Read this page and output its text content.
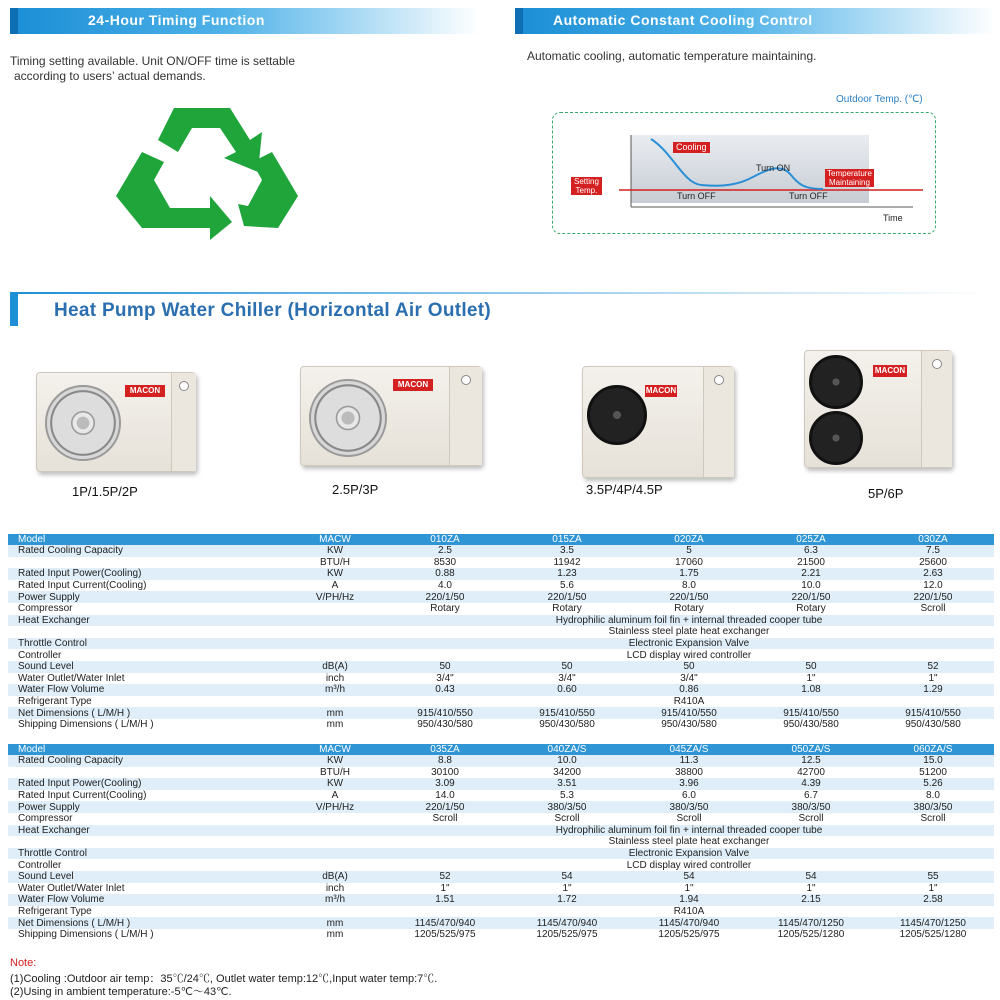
24-Hour Timing Function
Timing setting available. Unit ON/OFF time is settable
according to users’ actual demands.
Automatic Constant Cooling Control
Automatic cooling, automatic temperature maintaining.
Outdoor Temp. (℃)
Cooling
Turn ON
Temperature
Maintaining
Setting
Temp.
Turn OFF	Turn OFF
Time
Heat Pump Water Chiller (Horizontal Air Outlet)
MACON
1P/1.5P/2P
MACON
2.5P/3P
MACON
3.5P/4P/4.5P
MACON
5P/6P
Model	MACW	010ZA	015ZA	020ZA	025ZA	030ZA
Rated Cooling Capacity	KW	2.5	3.5	5	6.3	7.5
	BTU/H	8530	11942	17060	21500	25600
Rated Input Power(Cooling)	KW	0.88	1.23	1.75	2.21	2.63
Rated Input Current(Cooling)	A	4.0	5.6	8.0	10.0	12.0
Power Supply	V/PH/Hz	220/1/50	220/1/50	220/1/50	220/1/50	220/1/50
Compressor		Rotary	Rotary	Rotary	Rotary	Scroll
Heat Exchanger		Hydrophilic aluminum foil fin + internal threaded cooper tube				
		Stainless steel plate heat exchanger				
Throttle Control		Electronic Expansion Valve				
Controller		LCD display wired controller				
Sound Level	dB(A)	50	50	50	50	52
Water Outlet/Water Inlet	inch	3/4"	3/4"	3/4"	1"	1"
Water Flow Volume	m³/h	0.43	0.60	0.86	1.08	1.29
Refrigerant Type		R410A				
Net Dimensions ( L/M/H )	mm	915/410/550	915/410/550	915/410/550	915/410/550	915/410/550
Shipping Dimensions ( L/M/H )	mm	950/430/580	950/430/580	950/430/580	950/430/580	950/430/580
Model	MACW	035ZA	040ZA/S	045ZA/S	050ZA/S	060ZA/S
Rated Cooling Capacity	KW	8.8	10.0	11.3	12.5	15.0
	BTU/H	30100	34200	38800	42700	51200
Rated Input Power(Cooling)	KW	3.09	3.51	3.96	4.39	5.26
Rated Input Current(Cooling)	A	14.0	5.3	6.0	6.7	8.0
Power Supply	V/PH/Hz	220/1/50	380/3/50	380/3/50	380/3/50	380/3/50
Compressor		Scroll	Scroll	Scroll	Scroll	Scroll
Heat Exchanger		Hydrophilic aluminum foil fin + internal threaded cooper tube				
		Stainless steel plate heat exchanger				
Throttle Control		Electronic Expansion Valve				
Controller		LCD display wired controller				
Sound Level	dB(A)	52	54	54	54	55
Water Outlet/Water Inlet	inch	1"	1"	1"	1"	1"
Water Flow Volume	m³/h	1.51	1.72	1.94	2.15	2.58
Refrigerant Type		R410A				
Net Dimensions ( L/M/H )	mm	1145/470/940	1145/470/940	1145/470/940	1145/470/1250	1145/470/1250
Shipping Dimensions ( L/M/H )	mm	1205/525/975	1205/525/975	1205/525/975	1205/525/1280	1205/525/1280
Note:
(1)Cooling :Outdoor air temp：35℃/24℃, Outlet water temp:12℃,Input water temp:7℃.
(2)Using in ambient temperature:-5℃～43℃.
